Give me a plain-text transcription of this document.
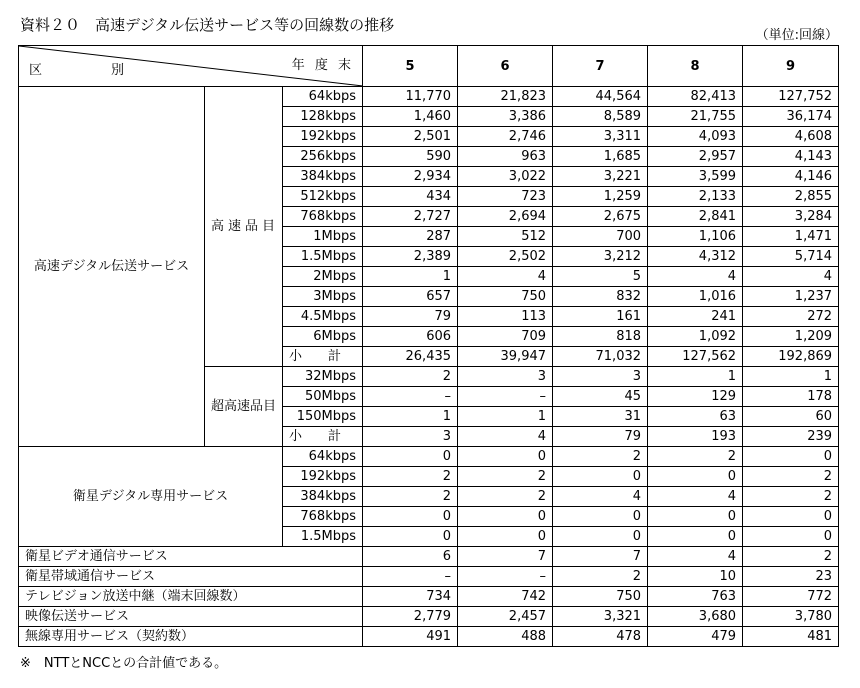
資料２０　高速デジタル伝送サービス等の回線数の推移
（単位:回線）
年 度 末
区　別			5	6	7	8	9
高速デジタル伝送サービス	高速品目	64kbps	11,770	21,823	44,564	82,413	127,752
		128kbps	1,460	3,386	8,589	21,755	36,174
		192kbps	2,501	2,746	3,311	4,093	4,608
		256kbps	590	963	1,685	2,957	4,143
		384kbps	2,934	3,022	3,221	3,599	4,146
		512kbps	434	723	1,259	2,133	2,855
		768kbps	2,727	2,694	2,675	2,841	3,284
		1Mbps	287	512	700	1,106	1,471
		1.5Mbps	2,389	2,502	3,212	4,312	5,714
		2Mbps	1	4	5	4	4
		3Mbps	657	750	832	1,016	1,237
		4.5Mbps	79	113	161	241	272
		6Mbps	606	709	818	1,092	1,209
		小　　計	26,435	39,947	71,032	127,562	192,869
	超高速品目	32Mbps	2	3	3	1	1
		50Mbps	–	–	45	129	178
		150Mbps	1	1	31	63	60
		小　　計	3	4	79	193	239
衛星デジタル専用サービス		64kbps	0	0	2	2	0
		192kbps	2	2	0	0	2
		384kbps	2	2	4	4	2
		768kbps	0	0	0	0	0
		1.5Mbps	0	0	0	0	0
衛星ビデオ通信サービス			6	7	7	4	2
衛星帯域通信サービス			–	–	2	10	23
テレビジョン放送中継（端末回線数）			734	742	750	763	772
映像伝送サービス			2,779	2,457	3,321	3,680	3,780
無線専用サービス（契約数）			491	488	478	479	481
※　NTTとNCCとの合計値である。
